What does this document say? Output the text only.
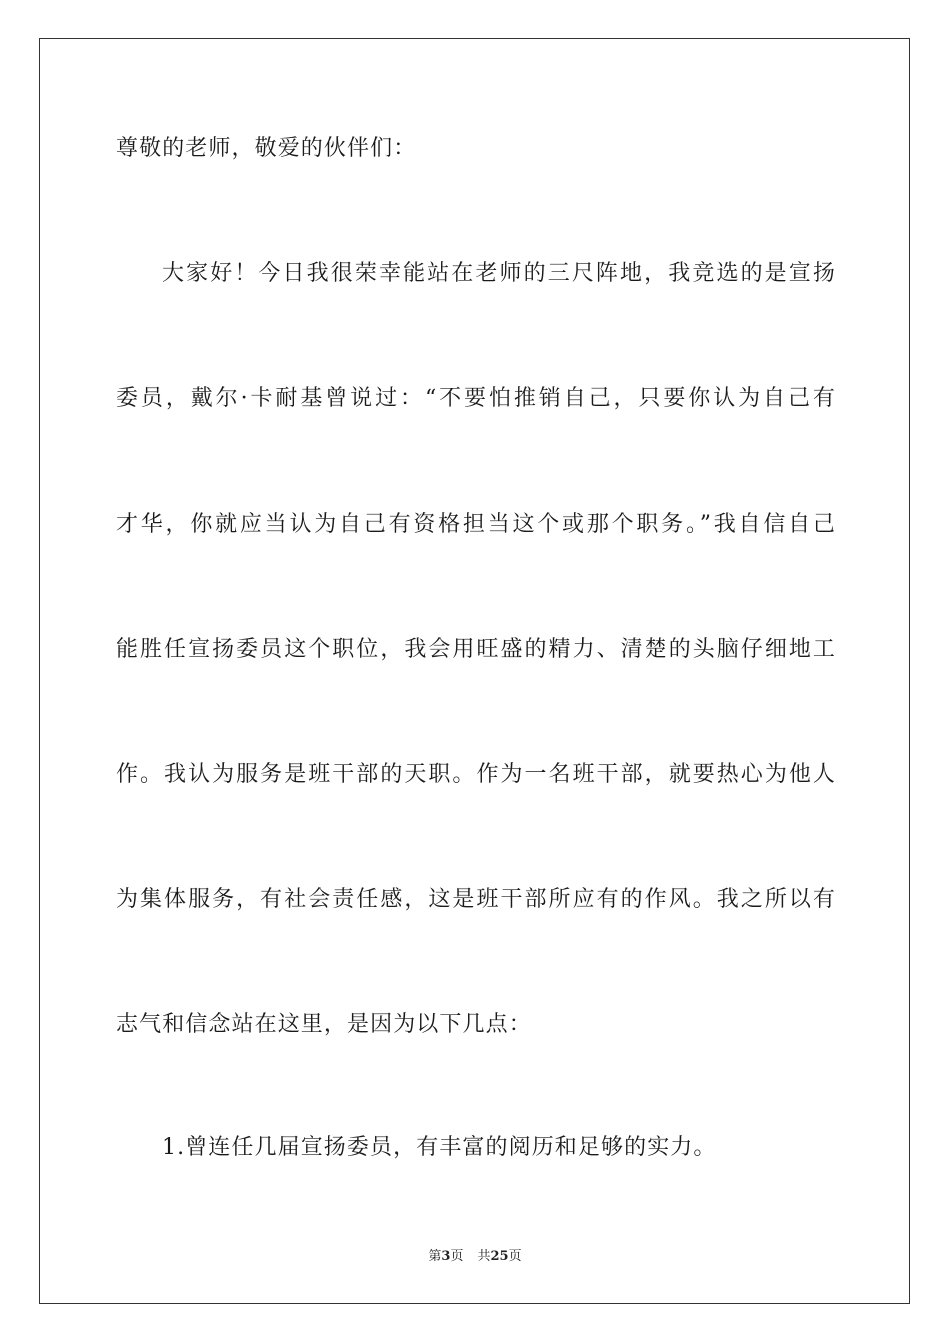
尊敬的老师，敬爱的伙伴们：
大家好！今日我很荣幸能站在老师的三尺阵地，我竞选的是宣扬
委员，戴尔·卡耐基曾说过：“不要怕推销自己，只要你认为自己有
才华，你就应当认为自己有资格担当这个或那个职务。”我自信自己
能胜任宣扬委员这个职位，我会用旺盛的精力、清楚的头脑仔细地工
作。我认为服务是班干部的天职。作为一名班干部，就要热心为他人
为集体服务，有社会责任感，这是班干部所应有的作风。我之所以有
志气和信念站在这里，是因为以下几点：
1.曾连任几届宣扬委员，有丰富的阅历和足够的实力。
第3页 共25页
